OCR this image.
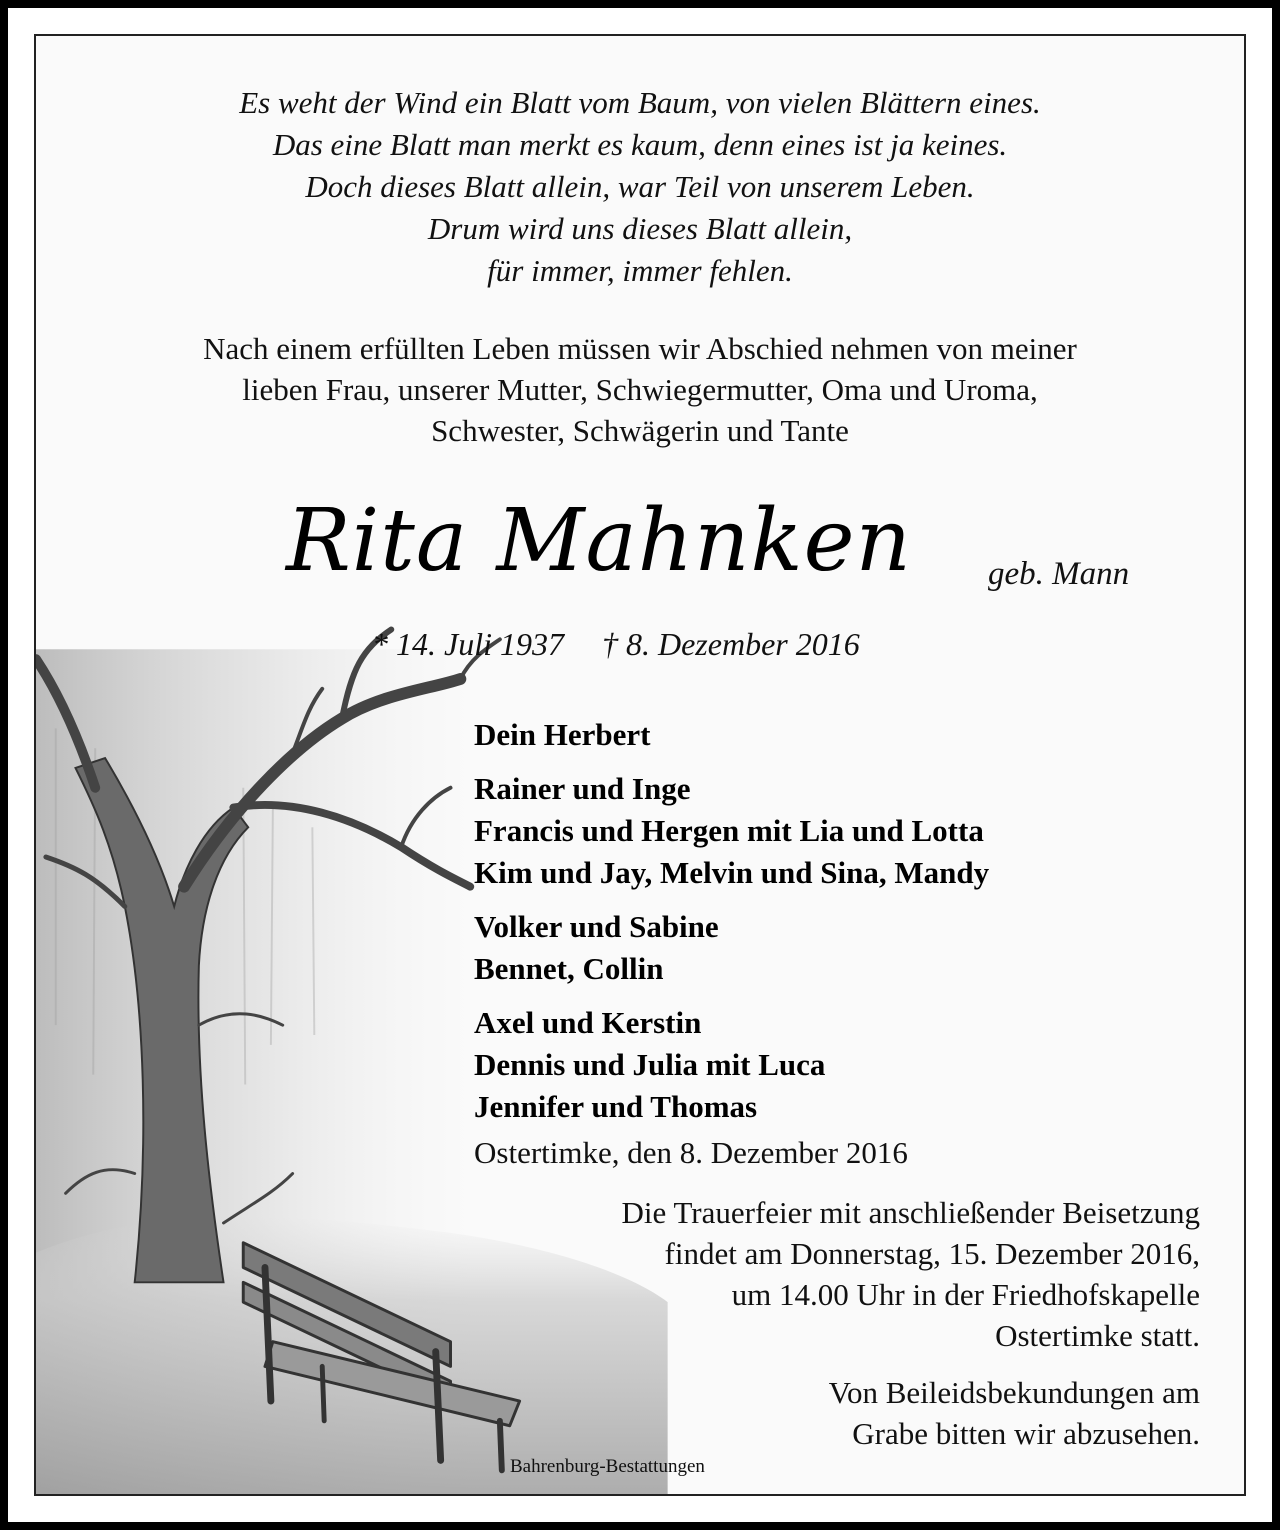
Es weht der Wind ein Blatt vom Baum, von vielen Blättern eines.
Das eine Blatt man merkt es kaum, denn eines ist ja keines.
Doch dieses Blatt allein, war Teil von unserem Leben.
Drum wird uns dieses Blatt allein,
für immer, immer fehlen.
Nach einem erfüllten Leben müssen wir Abschied nehmen von meiner
lieben Frau, unserer Mutter, Schwiegermutter, Oma und Uroma,
Schwester, Schwägerin und Tante
Rita Mahnken geb. Mann
* 14. Juli 1937 † 8. Dezember 2016

Dein Herbert

Rainer und Inge

Francis und Hergen mit Lia und Lotta

Kim und Jay, Melvin und Sina, Mandy

Volker und Sabine

Bennet, Collin

Axel und Kerstin

Dennis und Julia mit Luca

Jennifer und Thomas

Ostertimke, den 8. Dezember 2016

Die Trauerfeier mit anschließender Beisetzung

findet am Donnerstag, 15. Dezember 2016,

um 14.00 Uhr in der Friedhofskapelle

Ostertimke statt.

Von Beileidsbekundungen am

Grabe bitten wir abzusehen.

Bahrenburg-Bestattungen
